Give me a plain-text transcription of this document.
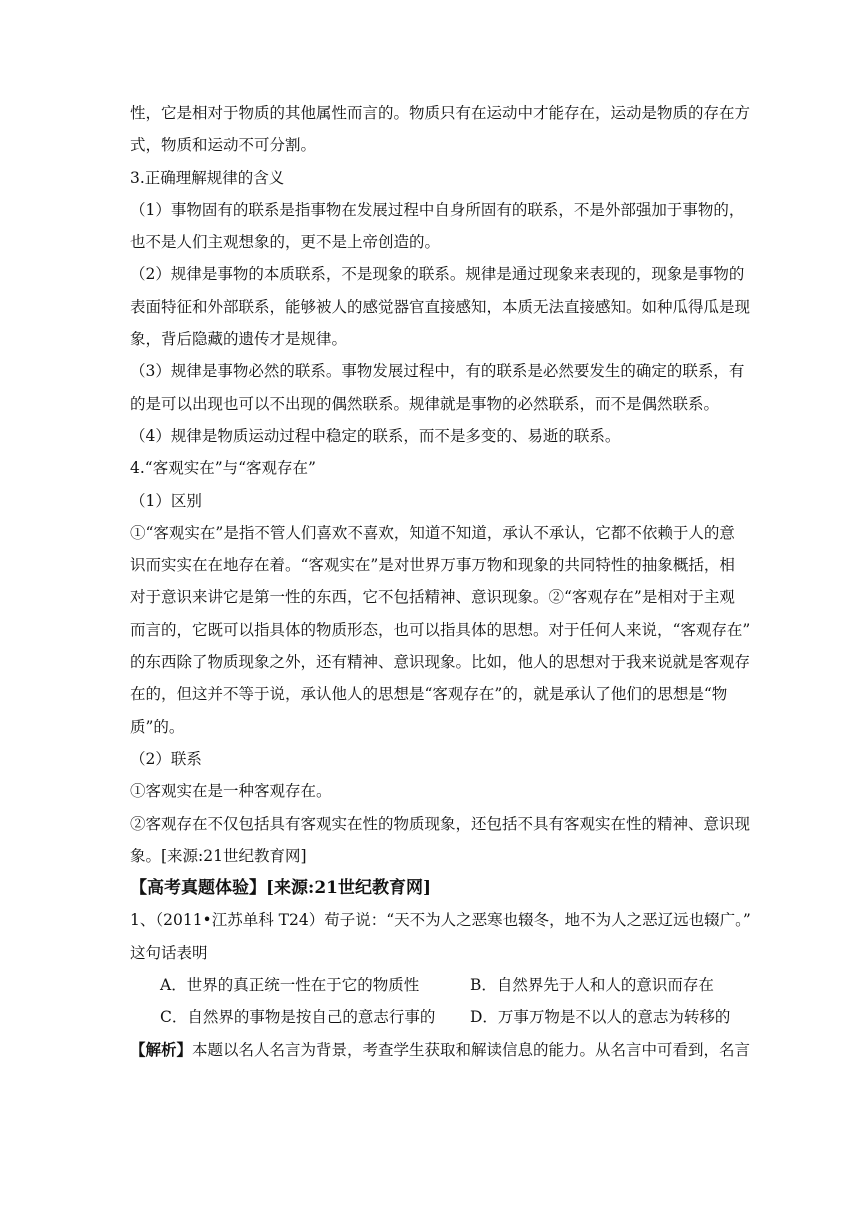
性，它是相对于物质的其他属性而言的。物质只有在运动中才能存在，运动是物质的存在方
式，物质和运动不可分割。
3.正确理解规律的含义
（1）事物固有的联系是指事物在发展过程中自身所固有的联系，不是外部强加于事物的，
也不是人们主观想象的，更不是上帝创造的。
（2）规律是事物的本质联系，不是现象的联系。规律是通过现象来表现的，现象是事物的
表面特征和外部联系，能够被人的感觉器官直接感知，本质无法直接感知。如种瓜得瓜是现
象，背后隐藏的遗传才是规律。
（3）规律是事物必然的联系。事物发展过程中，有的联系是必然要发生的确定的联系，有
的是可以出现也可以不出现的偶然联系。规律就是事物的必然联系，而不是偶然联系。
（4）规律是物质运动过程中稳定的联系，而不是多变的、易逝的联系。
4.“客观实在”与“客观存在”
（1）区别
①“客观实在”是指不管人们喜欢不喜欢，知道不知道，承认不承认，它都不依赖于人的意
识而实实在在地存在着。“客观实在”是对世界万事万物和现象的共同特性的抽象概括，相
对于意识来讲它是第一性的东西，它不包括精神、意识现象。②“客观存在”是相对于主观
而言的，它既可以指具体的物质形态，也可以指具体的思想。对于任何人来说，“客观存在”
的东西除了物质现象之外，还有精神、意识现象。比如，他人的思想对于我来说就是客观存
在的，但这并不等于说，承认他人的思想是“客观存在”的，就是承认了他们的思想是“物
质”的。
（2）联系
①客观实在是一种客观存在。
②客观存在不仅包括具有客观实在性的物质现象，还包括不具有客观实在性的精神、意识现
象。[来源:21世纪教育网]
【高考真题体验】[来源:21世纪教育网]
1、（2011•江苏单科 T24）荀子说：“天不为人之恶寒也辍冬，地不为人之恶辽远也辍广。”
这句话表明
A．世界的真正统一性在于它的物质性	B．自然界先于人和人的意识而存在
C．自然界的事物是按自己的意志行事的 D．万事万物是不以人的意志为转移的
【解析】本题以名人名言为背景，考查学生获取和解读信息的能力。从名言中可看到，名言
